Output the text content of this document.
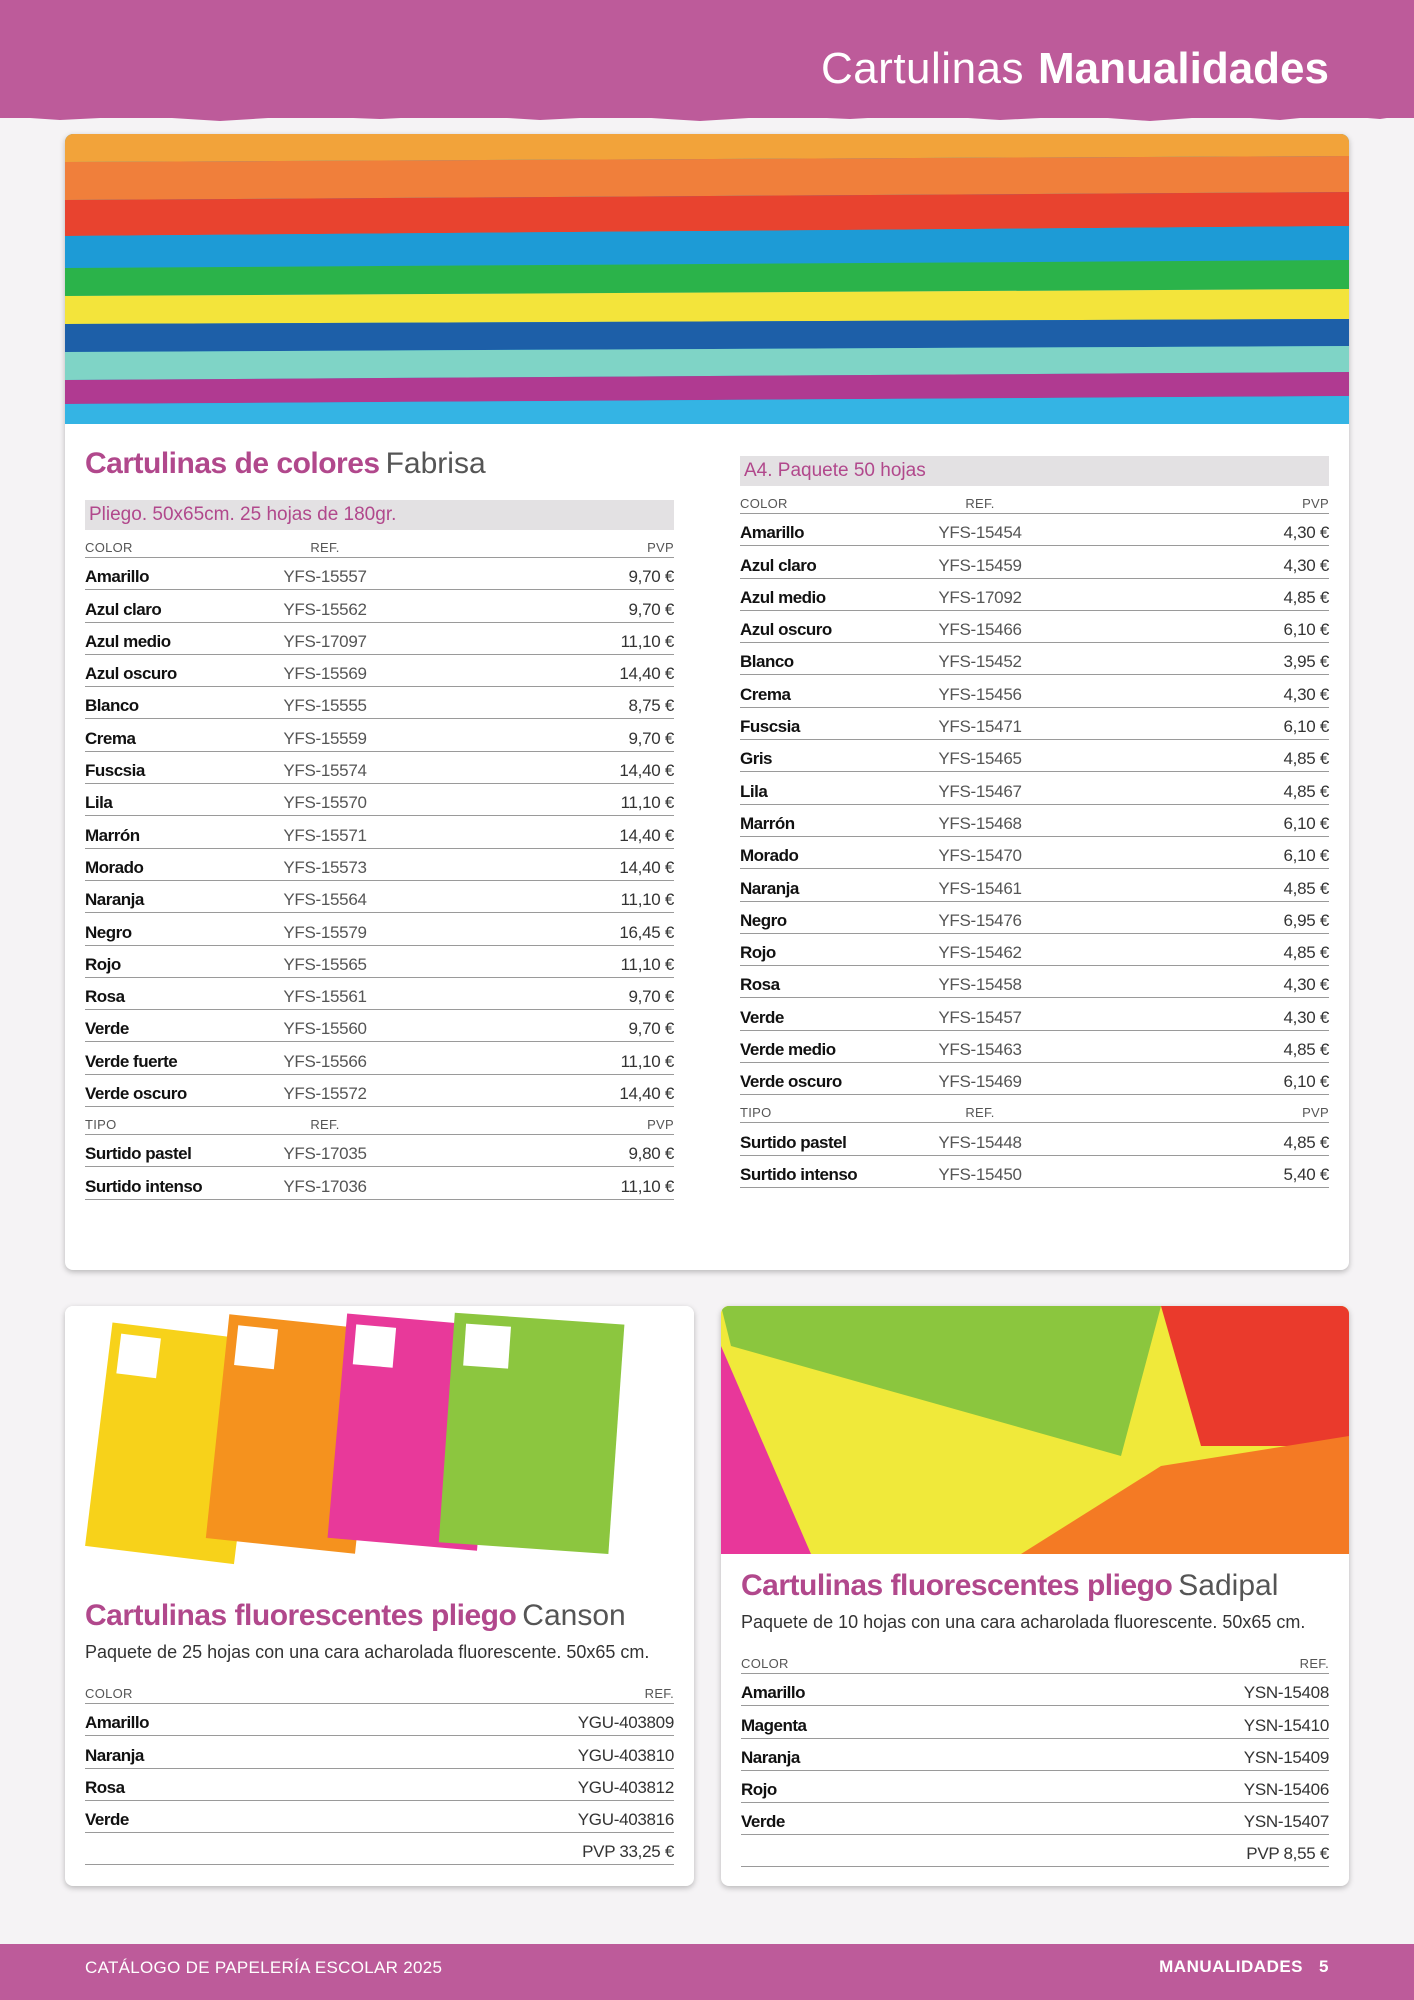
Cartulinas Manualidades
Cartulinas de colores Fabrisa
Pliego. 50x65cm. 25 hojas de 180gr.
COLOR	REF.	PVP
Amarillo	YFS-15557	9,70 €
Azul claro	YFS-15562	9,70 €
Azul medio	YFS-17097	11,10 €
Azul oscuro	YFS-15569	14,40 €
Blanco	YFS-15555	8,75 €
Crema	YFS-15559	9,70 €
Fuscsia	YFS-15574	14,40 €
Lila	YFS-15570	11,10 €
Marrón	YFS-15571	14,40 €
Morado	YFS-15573	14,40 €
Naranja	YFS-15564	11,10 €
Negro	YFS-15579	16,45 €
Rojo	YFS-15565	11,10 €
Rosa	YFS-15561	9,70 €
Verde	YFS-15560	9,70 €
Verde fuerte	YFS-15566	11,10 €
Verde oscuro	YFS-15572	14,40 €
TIPO	REF.	PVP
Surtido pastel	YFS-17035	9,80 €
Surtido intenso	YFS-17036	11,10 €
A4. Paquete 50 hojas
COLOR	REF.	PVP
Amarillo	YFS-15454	4,30 €
Azul claro	YFS-15459	4,30 €
Azul medio	YFS-17092	4,85 €
Azul oscuro	YFS-15466	6,10 €
Blanco	YFS-15452	3,95 €
Crema	YFS-15456	4,30 €
Fuscsia	YFS-15471	6,10 €
Gris	YFS-15465	4,85 €
Lila	YFS-15467	4,85 €
Marrón	YFS-15468	6,10 €
Morado	YFS-15470	6,10 €
Naranja	YFS-15461	4,85 €
Negro	YFS-15476	6,95 €
Rojo	YFS-15462	4,85 €
Rosa	YFS-15458	4,30 €
Verde	YFS-15457	4,30 €
Verde medio	YFS-15463	4,85 €
Verde oscuro	YFS-15469	6,10 €
TIPO	REF.	PVP
Surtido pastel	YFS-15448	4,85 €
Surtido intenso	YFS-15450	5,40 €
Cartulinas fluorescentes pliego Canson
Paquete de 25 hojas con una cara acharolada fluorescente. 50x65 cm.
COLOR	REF.
Amarillo	YGU-403809
Naranja	YGU-403810
Rosa	YGU-403812
Verde	YGU-403816
PVP 33,25 €
Cartulinas fluorescentes pliego Sadipal
Paquete de 10 hojas con una cara acharolada fluorescente. 50x65 cm.
COLOR	REF.
Amarillo	YSN-15408
Magenta	YSN-15410
Naranja	YSN-15409
Rojo	YSN-15406
Verde	YSN-15407
PVP 8,55 €
CATÁLOGO DE PAPELERÍA ESCOLAR 2025	MANUALIDADES 5
